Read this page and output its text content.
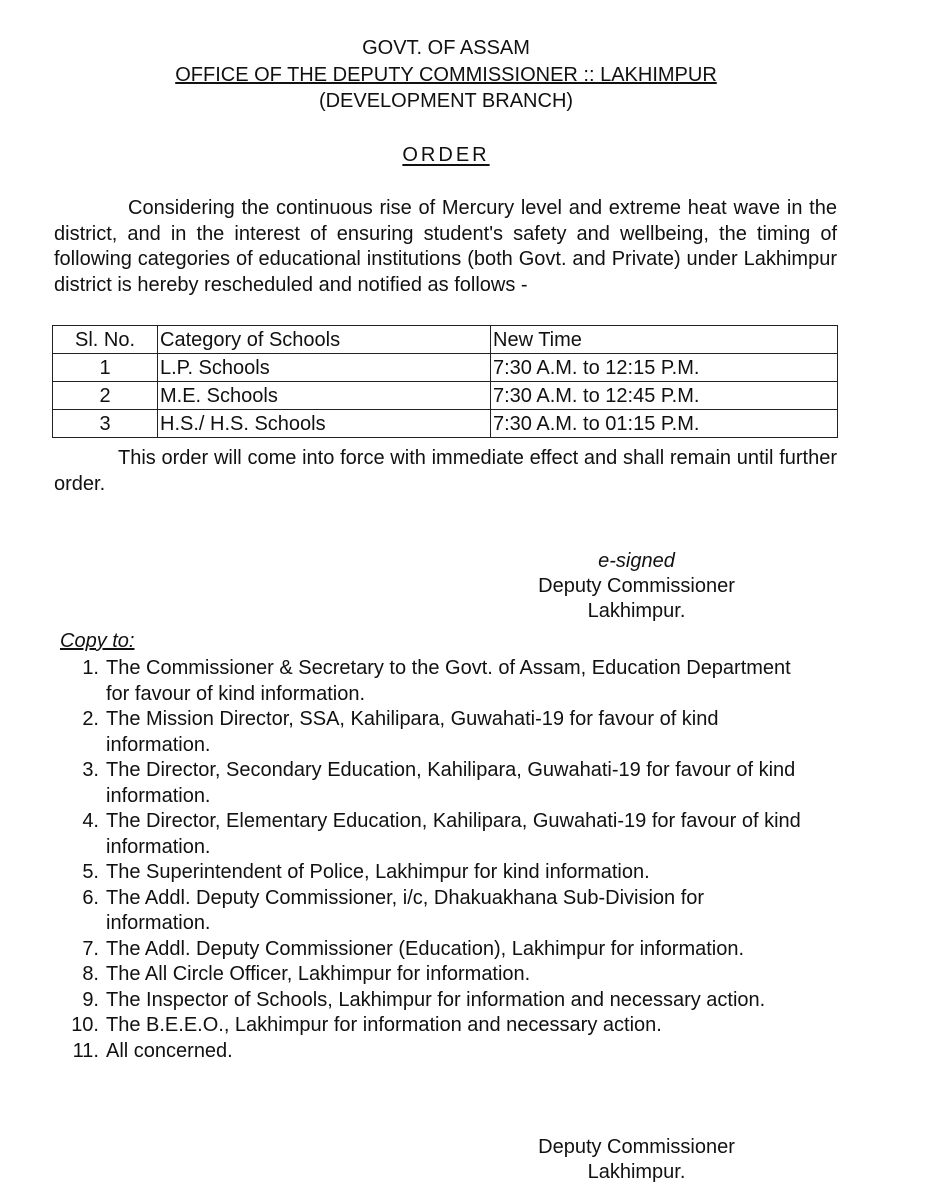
GOVT. OF ASSAM
OFFICE OF THE DEPUTY COMMISSIONER :: LAKHIMPUR
(DEVELOPMENT BRANCH)
ORDER

Considering the continuous rise of Mercury level and extreme heat wave in the district, and in the interest of ensuring student's safety and wellbeing, the timing of following categories of educational institutions (both Govt. and Private) under Lakhimpur district is hereby rescheduled and notified as follows -

Sl. No.	Category of Schools	New Time
1	L.P. Schools	7:30 A.M. to 12:15 P.M.
2	M.E. Schools	7:30 A.M. to 12:45 P.M.
3	H.S./ H.S. Schools	7:30 A.M. to 01:15 P.M.

This order will come into force with immediate effect and shall remain until further order.

e-signed
Deputy Commissioner
Lakhimpur.
Copy to:
1. The Commissioner & Secretary to the Govt. of Assam, Education Department for favour of kind information.
2. The Mission Director, SSA, Kahilipara, Guwahati-19 for favour of kind information.
3. The Director, Secondary Education, Kahilipara, Guwahati-19 for favour of kind information.
4. The Director, Elementary Education, Kahilipara, Guwahati-19 for favour of kind information.
5. The Superintendent of Police, Lakhimpur for kind information.
6. The Addl. Deputy Commissioner, i/c, Dhakuakhana Sub-Division for information.
7. The Addl. Deputy Commissioner (Education), Lakhimpur for information.
8. The All Circle Officer, Lakhimpur for information.
9. The Inspector of Schools, Lakhimpur for information and necessary action.
10. The B.E.E.O., Lakhimpur for information and necessary action.
11. All concerned.
Deputy Commissioner
Lakhimpur.
